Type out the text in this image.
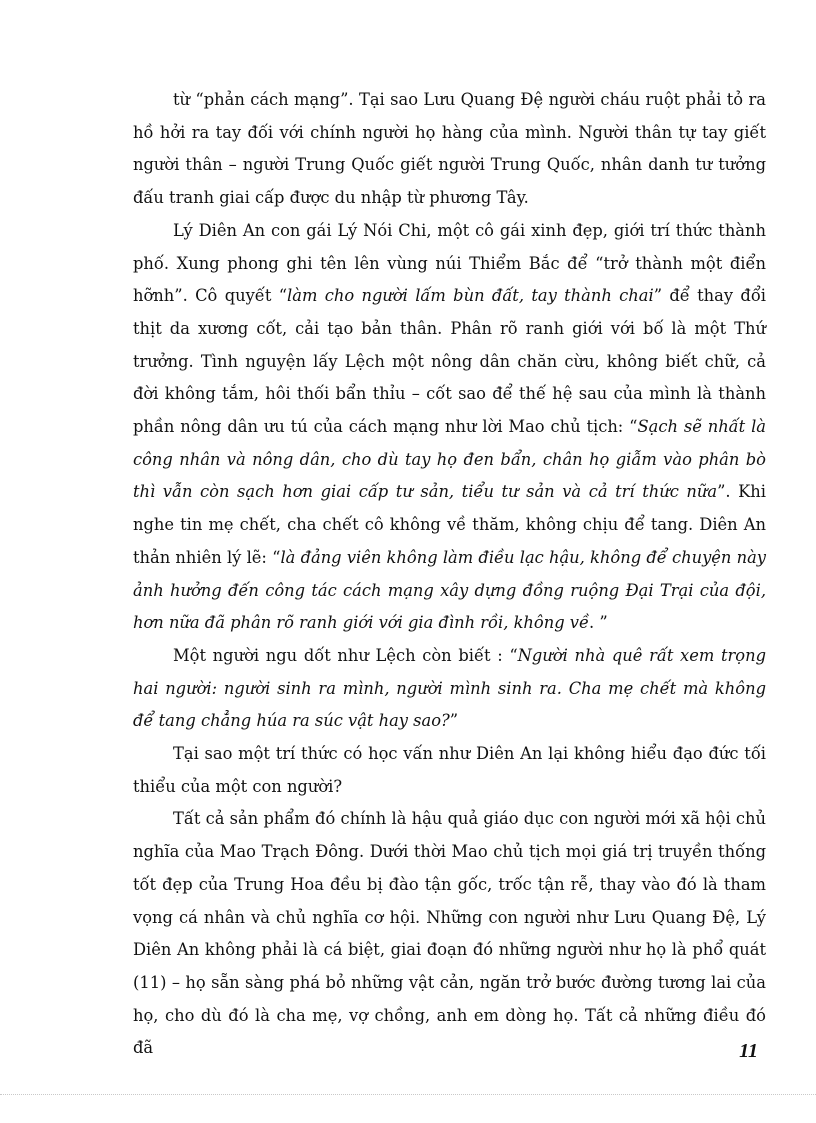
từ “phản cách mạng”. Tại sao Lưu Quang Đệ người cháu ruột phải tỏ ra hồ hởi ra tay đối với chính người họ hàng của mình. Người thân tự tay giết người thân – người Trung Quốc giết người Trung Quốc, nhân danh tư tưởng đấu tranh giai cấp được du nhập từ phương Tây.

Lý Diên An con gái Lý Nói Chi, một cô gái xinh đẹp, giới trí thức thành phố. Xung phong ghi tên lên vùng núi Thiểm Bắc để “trở thành một điển hỡnh”. Cô quyết “làm cho người lấm bùn đất, tay thành chai” để thay đổi thịt da xương cốt, cải tạo bản thân. Phân rõ ranh giới với bố là một Thứ trưởng. Tình nguyện lấy Lệch một nông dân chăn cừu, không biết chữ, cả đời không tắm, hôi thối bẩn thỉu – cốt sao để thế hệ sau của mình là thành phần nông dân ưu tú của cách mạng như lời Mao chủ tịch: “Sạch sẽ nhất là công nhân và nông dân, cho dù tay họ đen bẩn, chân họ giẫm vào phân bò thì vẫn còn sạch hơn giai cấp tư sản, tiểu tư sản và cả trí thức nữa”. Khi nghe tin mẹ chết, cha chết cô không về thăm, không chịu để tang. Diên An thản nhiên lý lẽ: “là đảng viên không làm điều lạc hậu, không để chuyện này ảnh hưởng đến công tác cách mạng xây dựng đồng ruộng Đại Trại của đội, hơn nữa đã phân rõ ranh giới với gia đình rồi, không về. ”

Một người ngu dốt như Lệch còn biết : “Người nhà quê rất xem trọng hai người: người sinh ra mình, người mình sinh ra. Cha mẹ chết mà không để tang chẳng húa ra súc vật hay sao?”

Tại sao một trí thức có học vấn như Diên An lại không hiểu đạo đức tối thiểu của một con người?

Tất cả sản phẩm đó chính là hậu quả giáo dục con người mới xã hội chủ nghĩa của Mao Trạch Đông. Dưới thời Mao chủ tịch mọi giá trị truyền thống tốt đẹp của Trung Hoa đều bị đào tận gốc, trốc tận rễ, thay vào đó là tham vọng cá nhân và chủ nghĩa cơ hội. Những con người như Lưu Quang Đệ, Lý Diên An không phải là cá biệt, giai đoạn đó những người như họ là phổ quát (11) – họ sẵn sàng phá bỏ những vật cản, ngăn trở bước đường tương lai của họ, cho dù đó là cha mẹ, vợ chồng, anh em dòng họ. Tất cả những điều đó đã	11
